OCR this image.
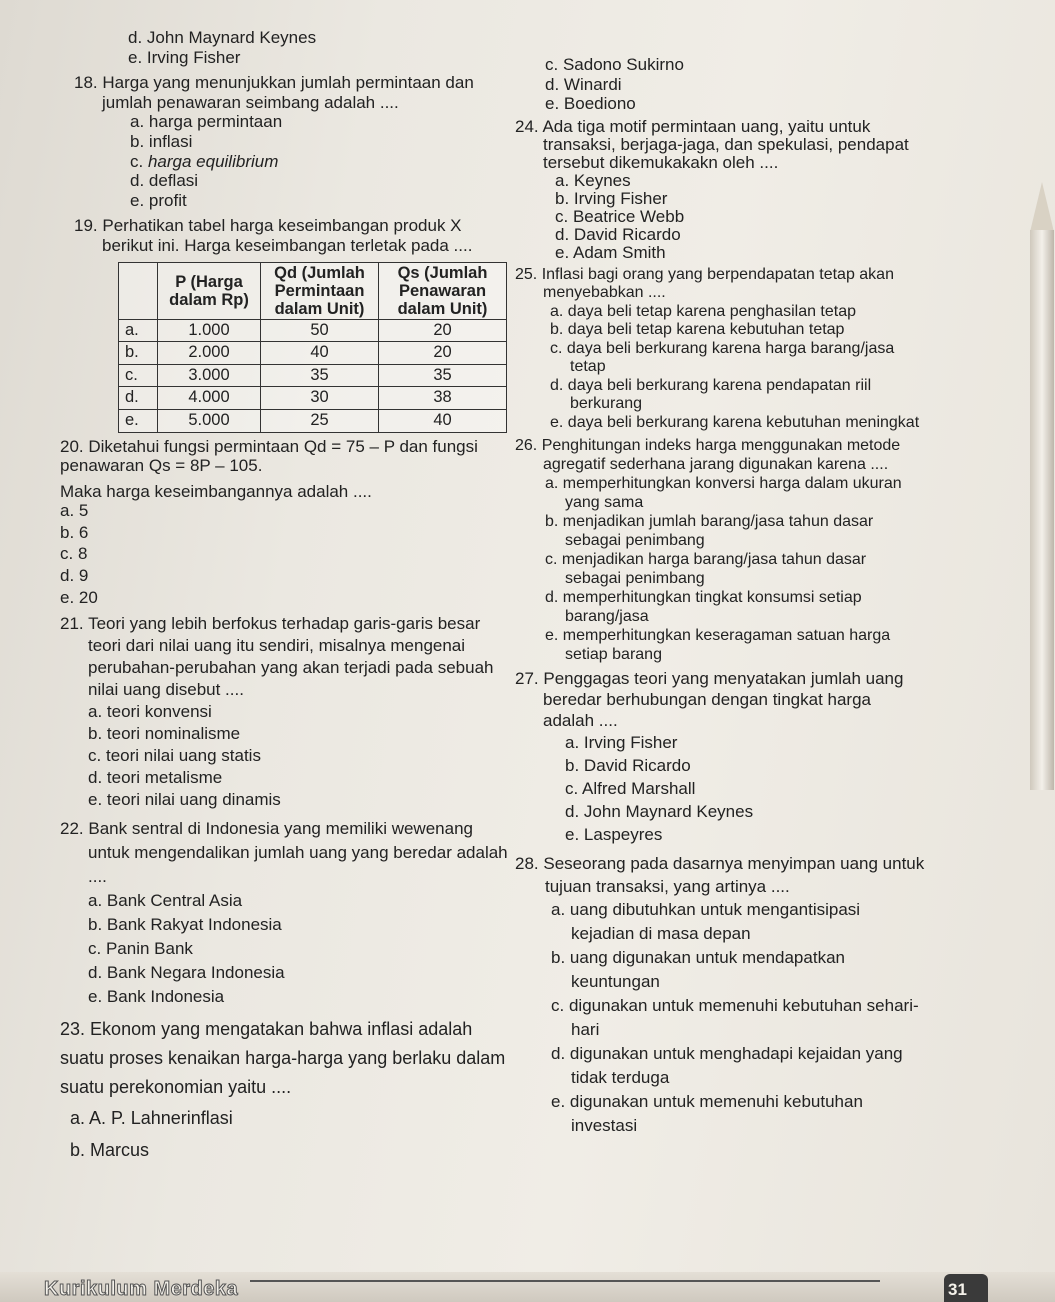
d. John Maynard Keynes
e. Irving Fisher
18. Harga yang menunjukkan jumlah permintaan dan jumlah penawaran seimbang adalah ....
a. harga permintaan
b. inflasi
c. harga equilibrium
d. deflasi
e. profit
19. Perhatikan tabel harga keseimbangan produk X berikut ini. Harga keseimbangan terletak pada ....
	P (Harga dalam Rp)	Qd (Jumlah Permintaan dalam Unit)	Qs (Jumlah Penawaran dalam Unit)
a.	1.000	50	20
b.	2.000	40	20
c.	3.000	35	35
d.	4.000	30	38
e.	5.000	25	40
20. Diketahui fungsi permintaan Qd = 75 – P dan fungsi penawaran Qs = 8P – 105.
Maka harga keseimbangannya adalah ....
a. 5
b. 6
c. 8
d. 9
e. 20
21. Teori yang lebih berfokus terhadap garis-garis besar teori dari nilai uang itu sendiri, misalnya mengenai perubahan-perubahan yang akan terjadi pada sebuah nilai uang disebut ....
a. teori konvensi
b. teori nominalisme
c. teori nilai uang statis
d. teori metalisme
e. teori nilai uang dinamis
22. Bank sentral di Indonesia yang memiliki wewenang untuk mengendalikan jumlah uang yang beredar adalah ....
a. Bank Central Asia
b. Bank Rakyat Indonesia
c. Panin Bank
d. Bank Negara Indonesia
e. Bank Indonesia
23. Ekonom yang mengatakan bahwa inflasi adalah suatu proses kenaikan harga-harga yang berlaku dalam suatu perekonomian yaitu ....
a. A. P. Lahnerinflasi
b. Marcus
c. Sadono Sukirno
d. Winardi
e. Boediono
24. Ada tiga motif permintaan uang, yaitu untuk transaksi, berjaga-jaga, dan spekulasi, pendapat tersebut dikemukakakn oleh ....
a. Keynes
b. Irving Fisher
c. Beatrice Webb
d. David Ricardo
e. Adam Smith
25. Inflasi bagi orang yang berpendapatan tetap akan menyebabkan ....
a. daya beli tetap karena penghasilan tetap
b. daya beli tetap karena kebutuhan tetap
c. daya beli berkurang karena harga barang/jasa tetap
d. daya beli berkurang karena pendapatan riil berkurang
e. daya beli berkurang karena kebutuhan meningkat
26. Penghitungan indeks harga menggunakan metode agregatif sederhana jarang digunakan karena ....
a. memperhitungkan konversi harga dalam ukuran yang sama
b. menjadikan jumlah barang/jasa tahun dasar sebagai penimbang
c. menjadikan harga barang/jasa tahun dasar sebagai penimbang
d. memperhitungkan tingkat konsumsi setiap barang/jasa
e. memperhitungkan keseragaman satuan harga setiap barang
27. Penggagas teori yang menyatakan jumlah uang beredar berhubungan dengan tingkat harga adalah ....
a. Irving Fisher
b. David Ricardo
c. Alfred Marshall
d. John Maynard Keynes
e. Laspeyres
28. Seseorang pada dasarnya menyimpan uang untuk tujuan transaksi, yang artinya ....
a. uang dibutuhkan untuk mengantisipasi kejadian di masa depan
b. uang digunakan untuk mendapatkan keuntungan
c. digunakan untuk memenuhi kebutuhan sehari-hari
d. digunakan untuk menghadapi kejaidan yang tidak terduga
e. digunakan untuk memenuhi kebutuhan investasi
Kurikulum Merdeka	31
